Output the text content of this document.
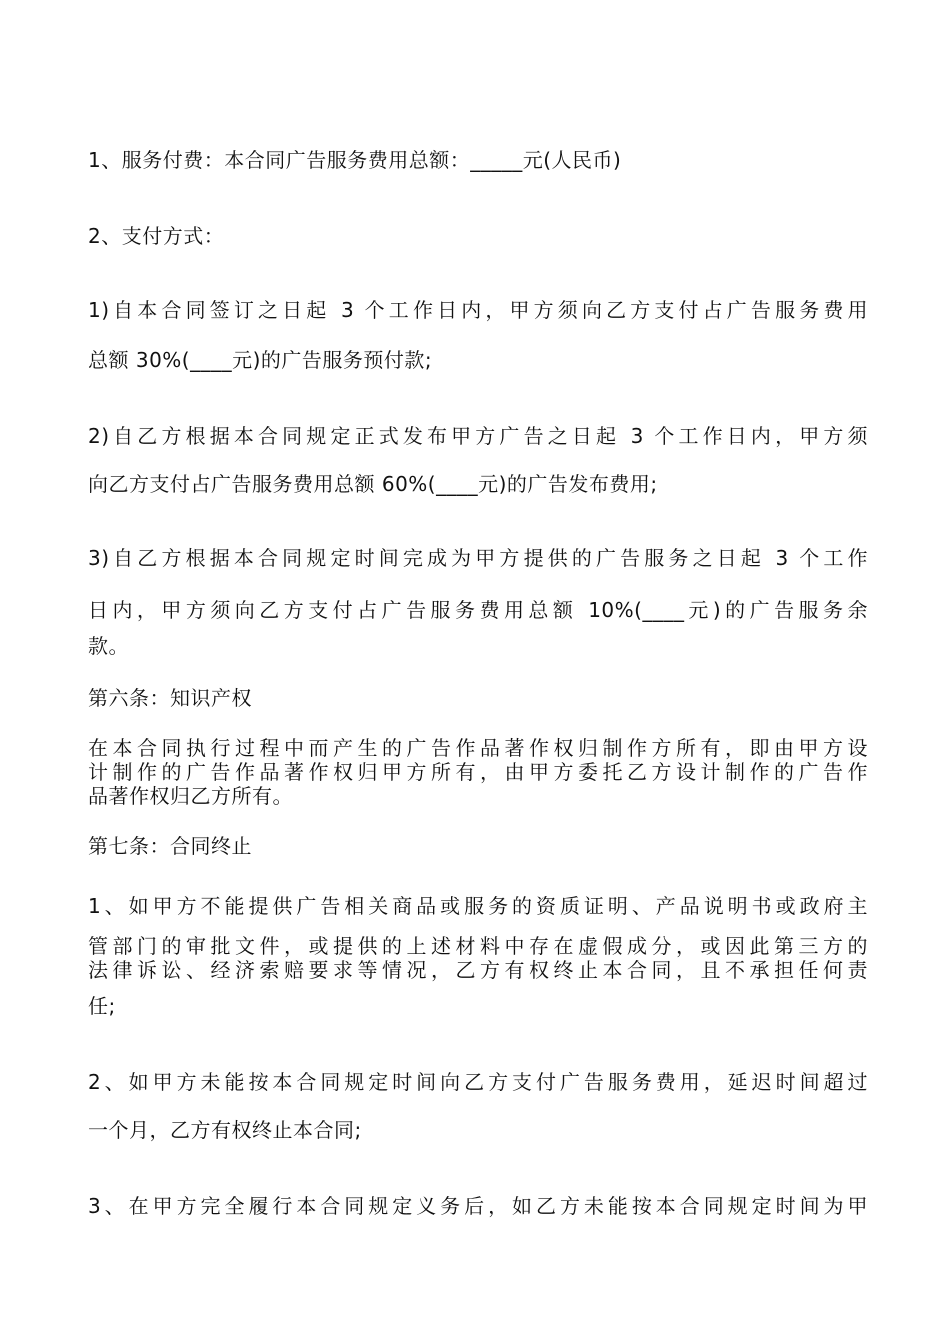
1、服务付费：本合同广告服务费用总额：_____元(人民币)
2、支付方式：
1)自本合同签订之日起 3 个工作日内，甲方须向乙方支付占广告服务费用
总额 30%(____元)的广告服务预付款;
2)自乙方根据本合同规定正式发布甲方广告之日起 3 个工作日内，甲方须
向乙方支付占广告服务费用总额 60%(____元)的广告发布费用;
3)自乙方根据本合同规定时间完成为甲方提供的广告服务之日起 3 个工作
日内，甲方须向乙方支付占广告服务费用总额 10%(____元)的广告服务余
款。
第六条：知识产权
在本合同执行过程中而产生的广告作品著作权归制作方所有，即由甲方设
计制作的广告作品著作权归甲方所有，由甲方委托乙方设计制作的广告作
品著作权归乙方所有。
第七条：合同终止
1、如甲方不能提供广告相关商品或服务的资质证明、产品说明书或政府主
管部门的审批文件，或提供的上述材料中存在虚假成分，或因此第三方的
法律诉讼、经济索赔要求等情况，乙方有权终止本合同，且不承担任何责
任;
2、如甲方未能按本合同规定时间向乙方支付广告服务费用，延迟时间超过
一个月，乙方有权终止本合同;
3、在甲方完全履行本合同规定义务后，如乙方未能按本合同规定时间为甲
